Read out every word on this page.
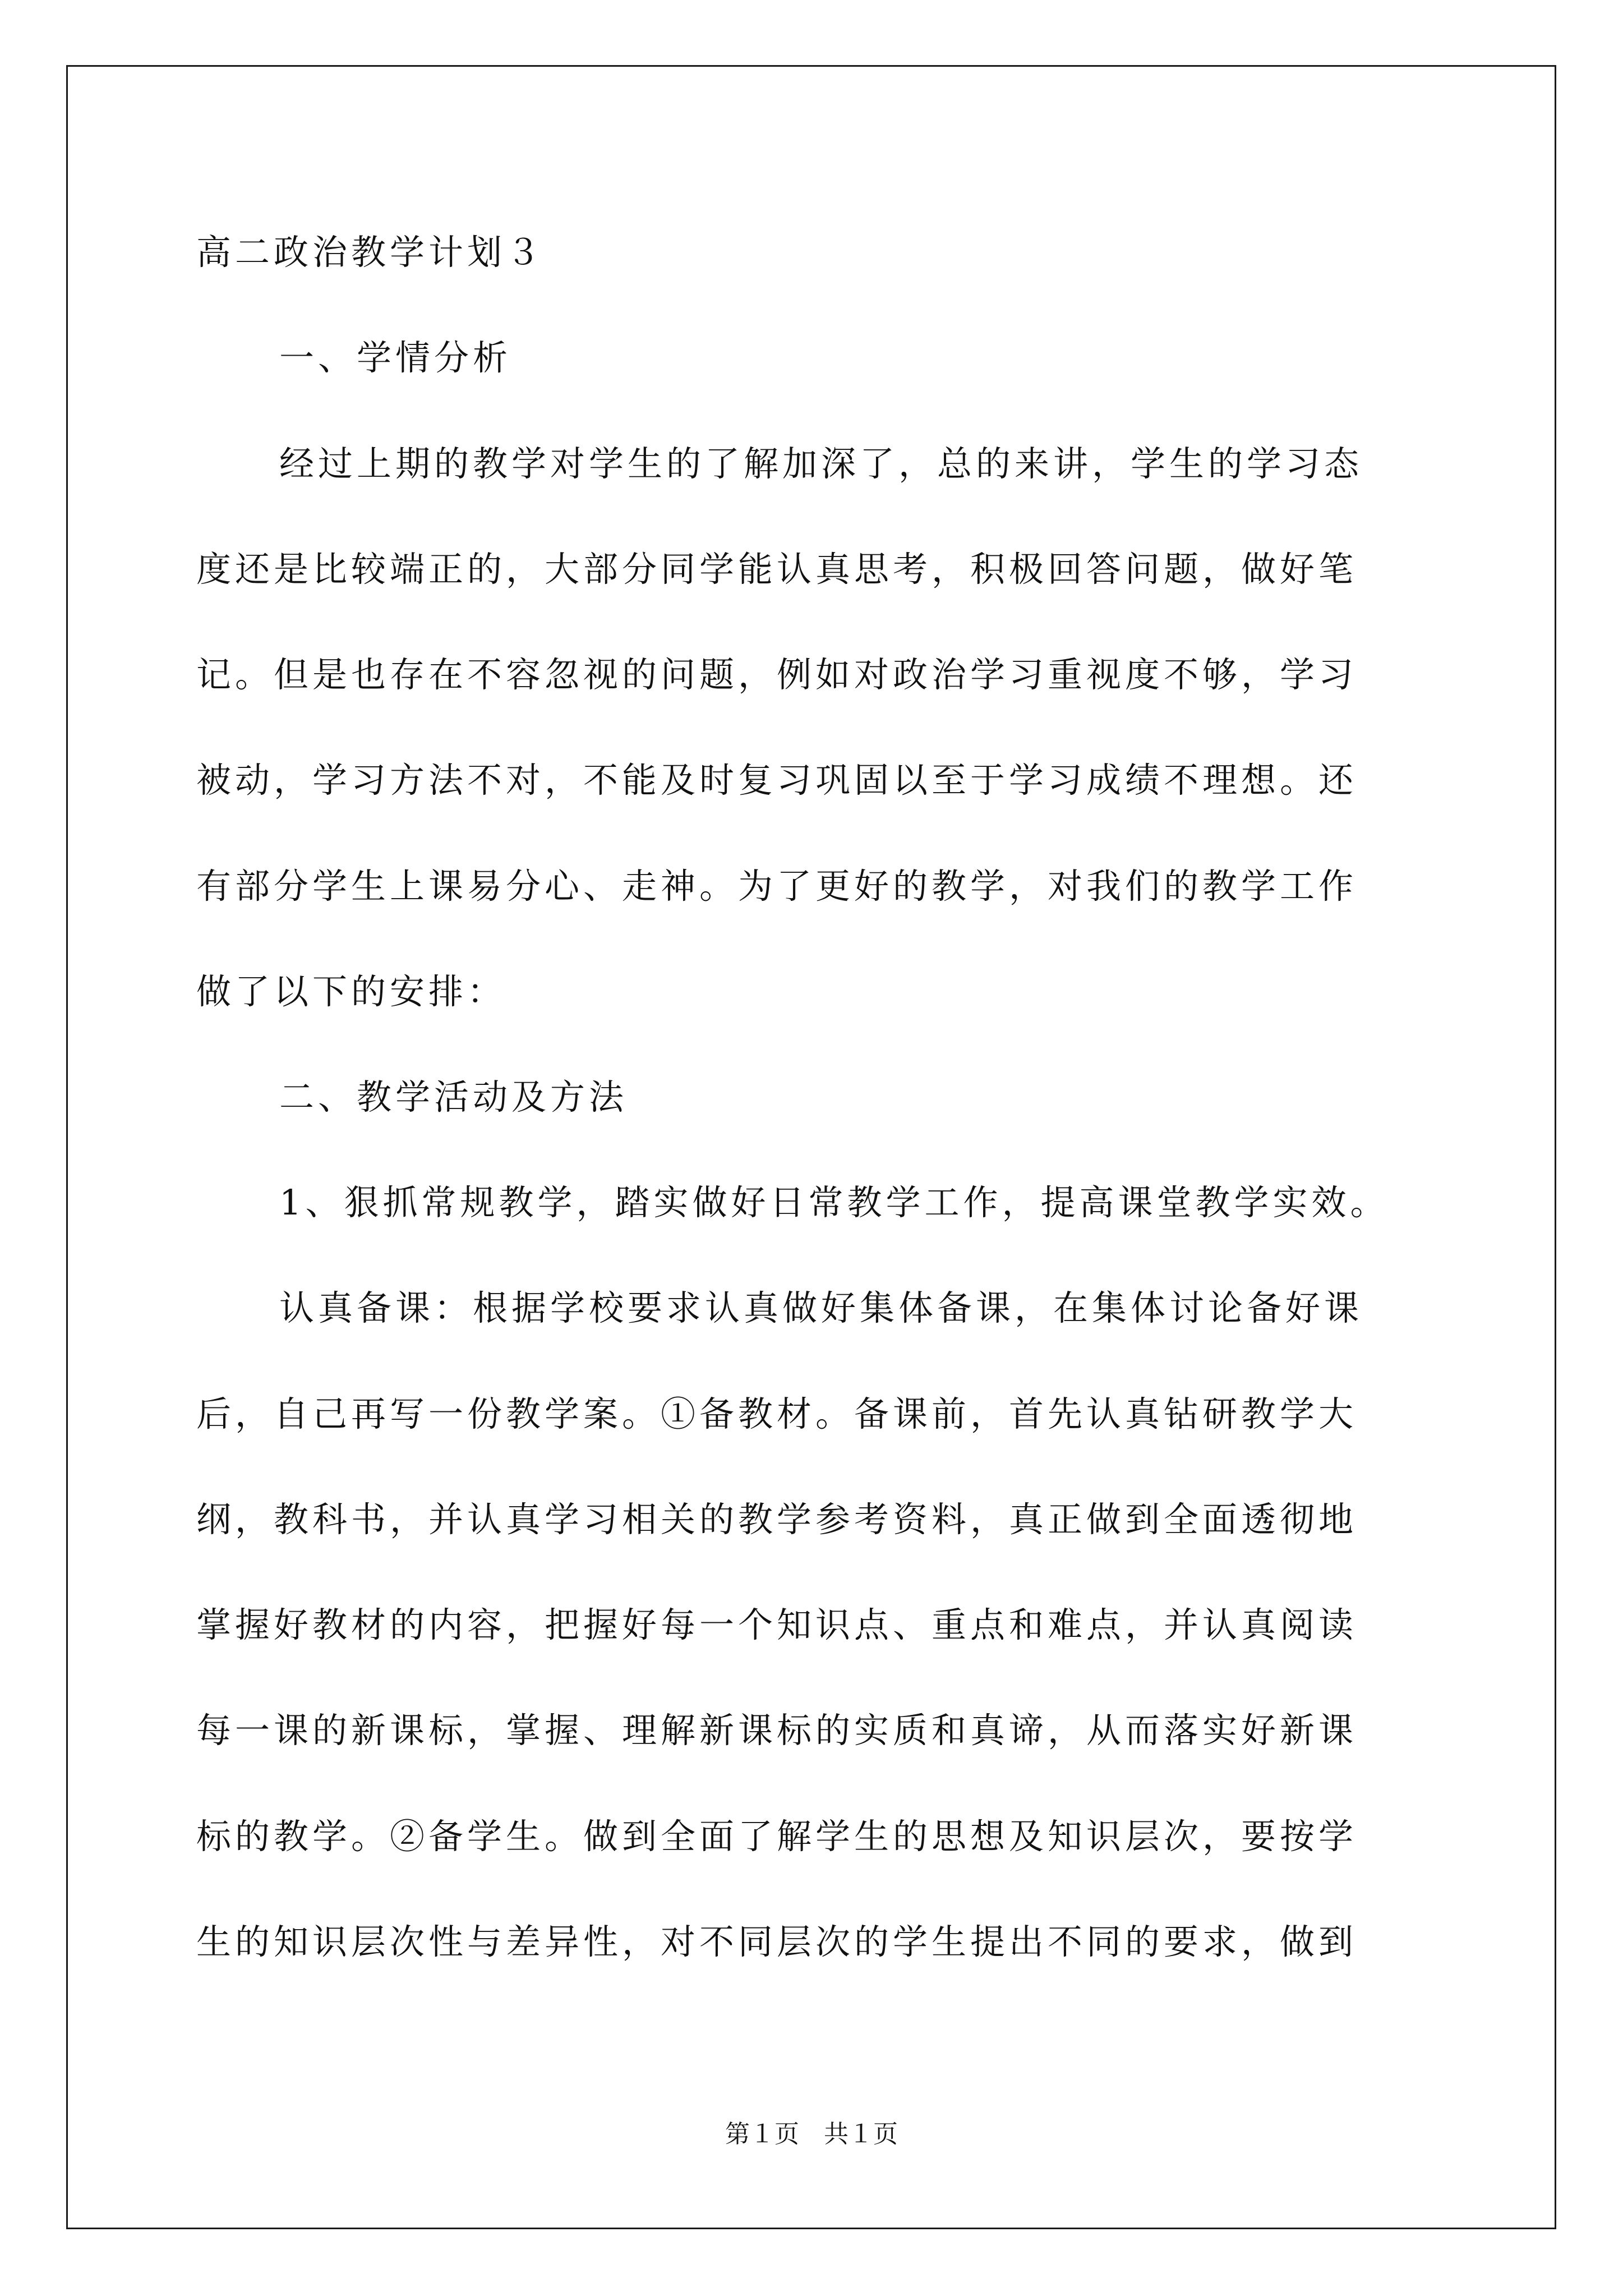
高二政治教学计划３
一、学情分析
经过上期的教学对学生的了解加深了，总的来讲，学生的学习态
度还是比较端正的，大部分同学能认真思考，积极回答问题，做好笔
记。但是也存在不容忽视的问题，例如对政治学习重视度不够，学习
被动，学习方法不对，不能及时复习巩固以至于学习成绩不理想。还
有部分学生上课易分心、走神。为了更好的教学，对我们的教学工作
做了以下的安排：
二、教学活动及方法
1、狠抓常规教学，踏实做好日常教学工作，提高课堂教学实效。
认真备课：根据学校要求认真做好集体备课，在集体讨论备好课
后，自己再写一份教学案。①备教材。备课前，首先认真钻研教学大
纲，教科书，并认真学习相关的教学参考资料，真正做到全面透彻地
掌握好教材的内容，把握好每一个知识点、重点和难点，并认真阅读
每一课的新课标，掌握、理解新课标的实质和真谛，从而落实好新课
标的教学。②备学生。做到全面了解学生的思想及知识层次，要按学
生的知识层次性与差异性，对不同层次的学生提出不同的要求，做到
第１页　共１页
